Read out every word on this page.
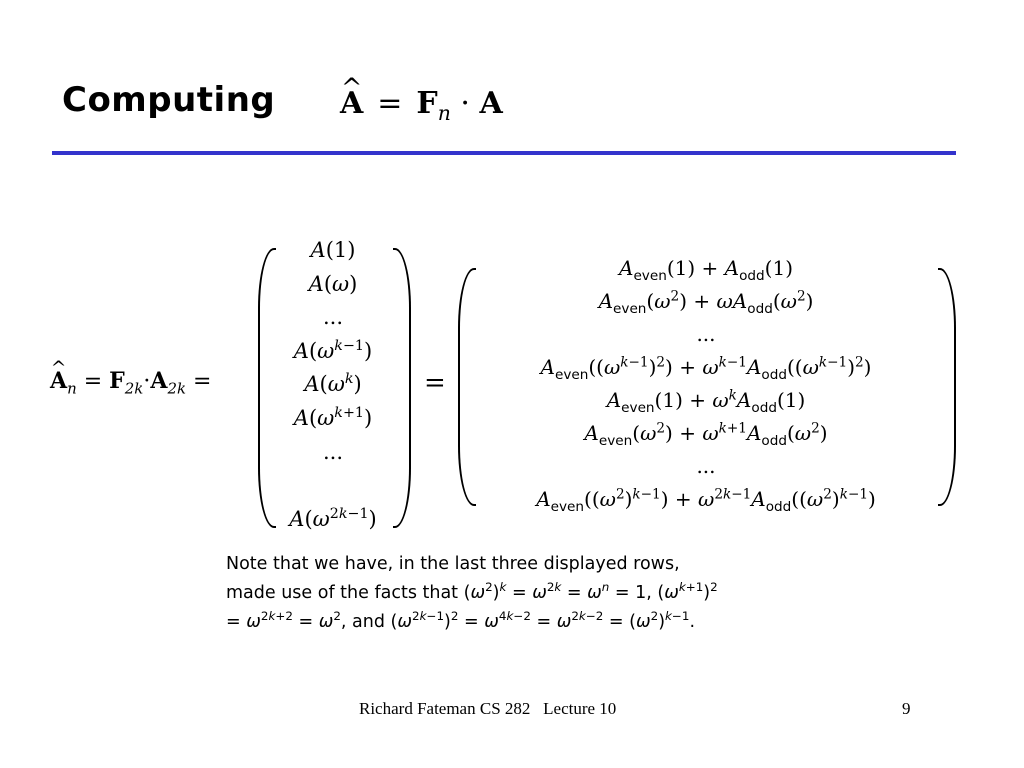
Computing
^ $A = F_n \cdot A$
^ $A_n = F_{2k}\cdot A_{2k}$ =
A(1)
A(ω)
...
$A(\omega^{k-1})$
$A(\omega^k)$
$A(\omega^{k+1})$
...
$A(\omega^{2k-1})$
=
$A_{even}(1) + A_{odd}(1)$
$A_{even}(\omega^2) + \omega A_{odd}(\omega^2)$
...
$A_{even}((\omega^{k-1})^2) + \omega^{k-1}A_{odd}((\omega^{k-1})^2)$
$A_{even}(1) + \omega^kA_{odd}(1)$
$A_{even}(\omega^2) + \omega^{k+1}A_{odd}(\omega^2)$
...
$A_{even}((\omega^2)^{k-1}) + \omega^{2k-1}A_{odd}((\omega^2)^{k-1})$
Note that we have, in the last three displayed rows, made use of the facts that $(\omega^2)^k = \omega^{2k} = \omega^n = 1$, $(\omega^{k+1})^2 = \omega^{2k+2} = \omega^2$, and $(\omega^{2k-1})^2 = \omega^{4k-2} = \omega^{2k-2} = (\omega^2)^{k-1}$.
Richard Fateman CS 282   Lecture 10	9
